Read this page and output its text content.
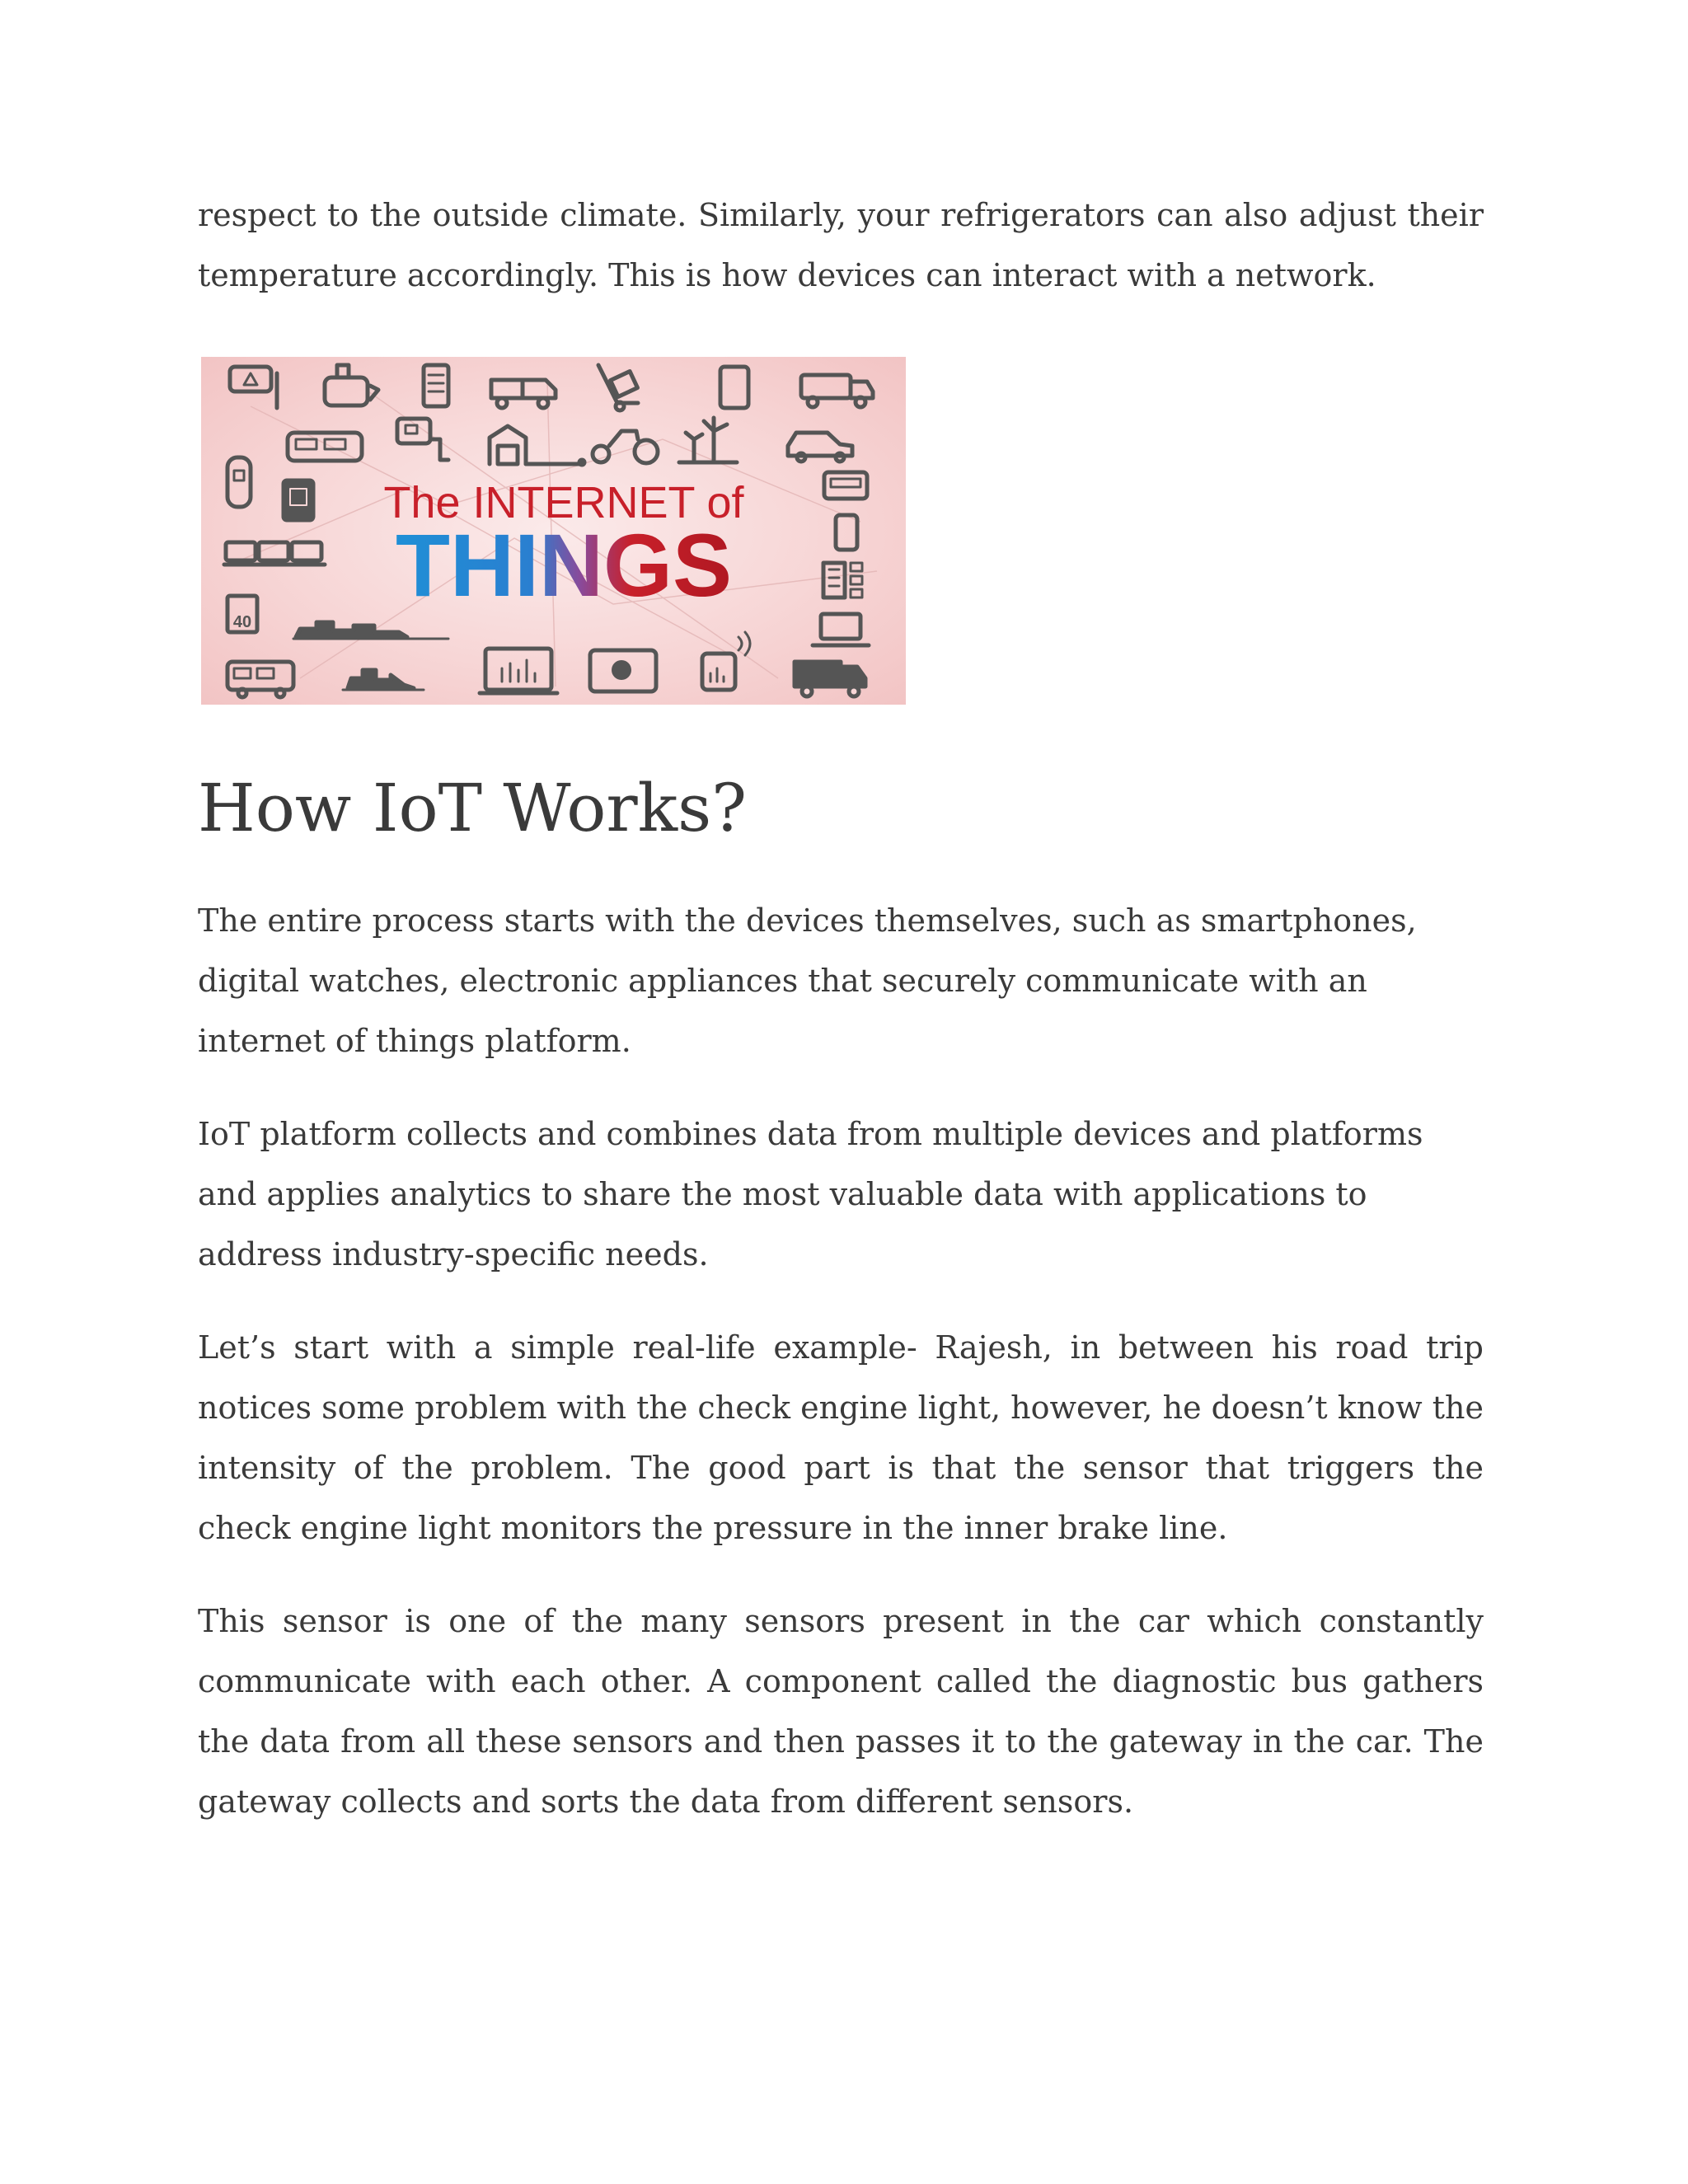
respect to the outside climate. Similarly, your refrigerators can also adjust their temperature accordingly. This is how devices can interact with a network.

40
The INTERNET of
THINGS
How IoT Works?

The entire process starts with the devices themselves, such as smartphones, digital watches, electronic appliances that securely communicate with an internet of things platform.

IoT platform collects and combines data from multiple devices and platforms and applies analytics to share the most valuable data with applications to address industry-specific needs.

Let’s start with a simple real-life example- Rajesh, in between his road trip notices some problem with the check engine light, however, he doesn’t know the intensity of the problem. The good part is that the sensor that triggers the check engine light monitors the pressure in the inner brake line.

This sensor is one of the many sensors present in the car which constantly communicate with each other. A component called the diagnostic bus gathers the data from all these sensors and then passes it to the gateway in the car. The gateway collects and sorts the data from different sensors.
